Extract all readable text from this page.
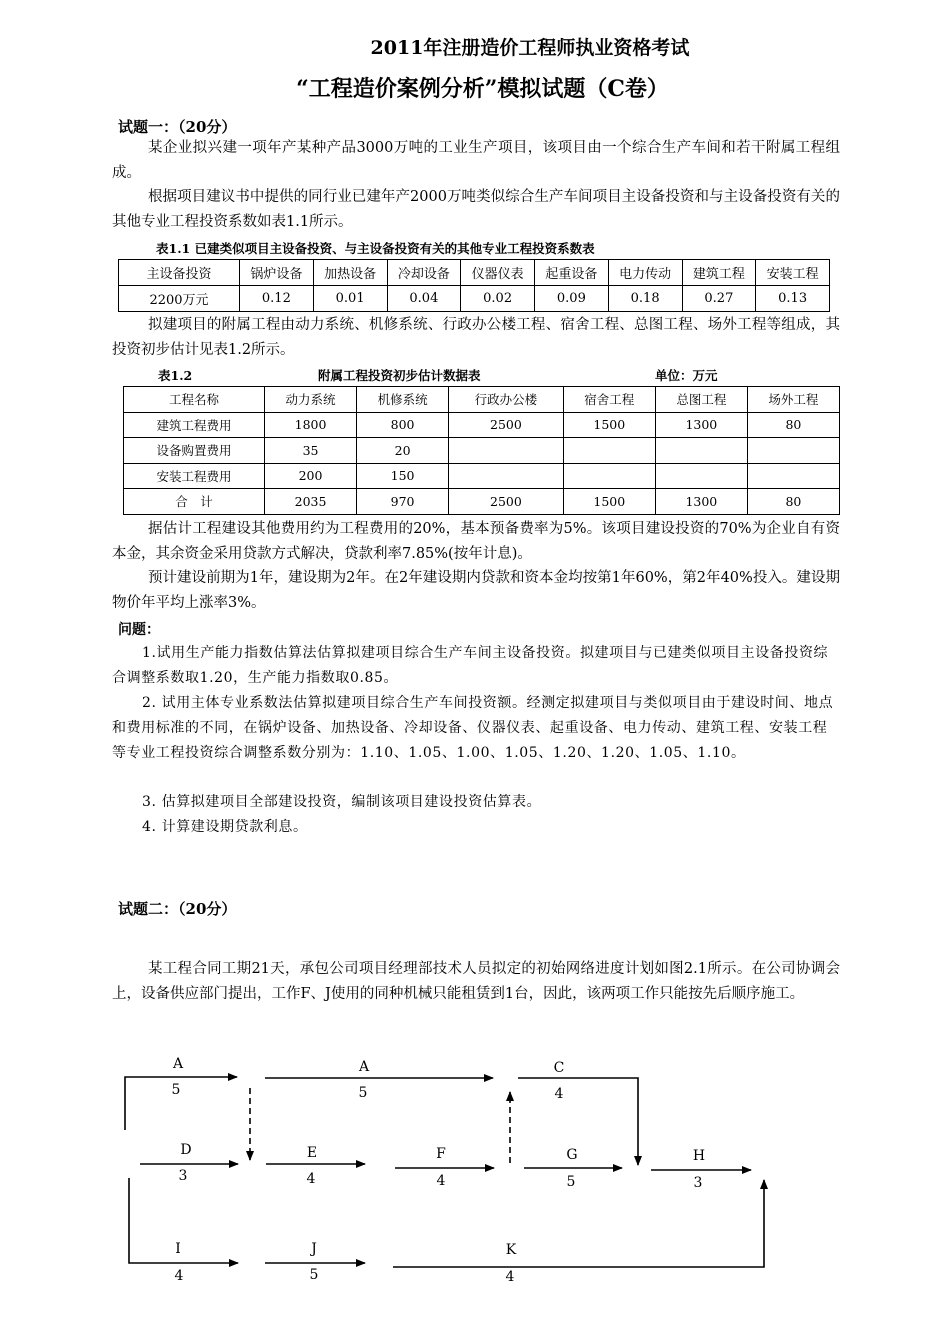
2011年注册造价工程师执业资格考试
“工程造价案例分析”模拟试题（C卷）
试题一：（20分）
某企业拟兴建一项年产某种产品3000万吨的工业生产项目，该项目由一个综合生产车间和若干附属工程组成。
根据项目建议书中提供的同行业已建年产2000万吨类似综合生产车间项目主设备投资和与主设备投资有关的其他专业工程投资系数如表1.1所示。
表1.1 已建类似项目主设备投资、与主设备投资有关的其他专业工程投资系数表
主设备投资	锅炉设备	加热设备	冷却设备	仪器仪表	起重设备	电力传动	建筑工程	安装工程
2200万元	0.12	0.01	0.04	0.02	0.09	0.18	0.27	0.13
拟建项目的附属工程由动力系统、机修系统、行政办公楼工程、宿舍工程、总图工程、场外工程等组成，其投资初步估计见表1.2所示。
表1.2	附属工程投资初步估计数据表	单位：万元
工程名称	动力系统	机修系统	行政办公楼	宿舍工程	总图工程	场外工程
建筑工程费用	1800	800	2500	1500	1300	80
设备购置费用	35	20				
安装工程费用	200	150				
合　计	2035	970	2500	1500	1300	80
据估计工程建设其他费用约为工程费用的20%，基本预备费率为5%。该项目建设投资的70%为企业自有资本金，其余资金采用贷款方式解决，贷款利率7.85%(按年计息)。
预计建设前期为1年，建设期为2年。在2年建设期内贷款和资本金均按第1年60%，第2年40%投入。建设期物价年平均上涨率3%。
问题：
1.试用生产能力指数估算法估算拟建项目综合生产车间主设备投资。拟建项目与已建类似项目主设备投资综合调整系数取1.20，生产能力指数取0.85。
2. 试用主体专业系数法估算拟建项目综合生产车间投资额。经测定拟建项目与类似项目由于建设时间、地点和费用标准的不同，在锅炉设备、加热设备、冷却设备、仪器仪表、起重设备、电力传动、建筑工程、安装工程等专业工程投资综合调整系数分别为：1.10、1.05、1.00、1.05、1.20、1.20、1.05、1.10。
3. 估算拟建项目全部建设投资，编制该项目建设投资估算表。
4. 计算建设期贷款利息。
试题二：（20分）
某工程合同工期21天，承包公司项目经理部技术人员拟定的初始网络进度计划如图2.1所示。在公司协调会上，设备供应部门提出，工作F、J使用的同种机械只能租赁到1台，因此，该两项工作只能按先后顺序施工。
A
5
A
5
C
4
D
3
E
4
F
4
G
5
H
3
I
4
J
5
K
4
